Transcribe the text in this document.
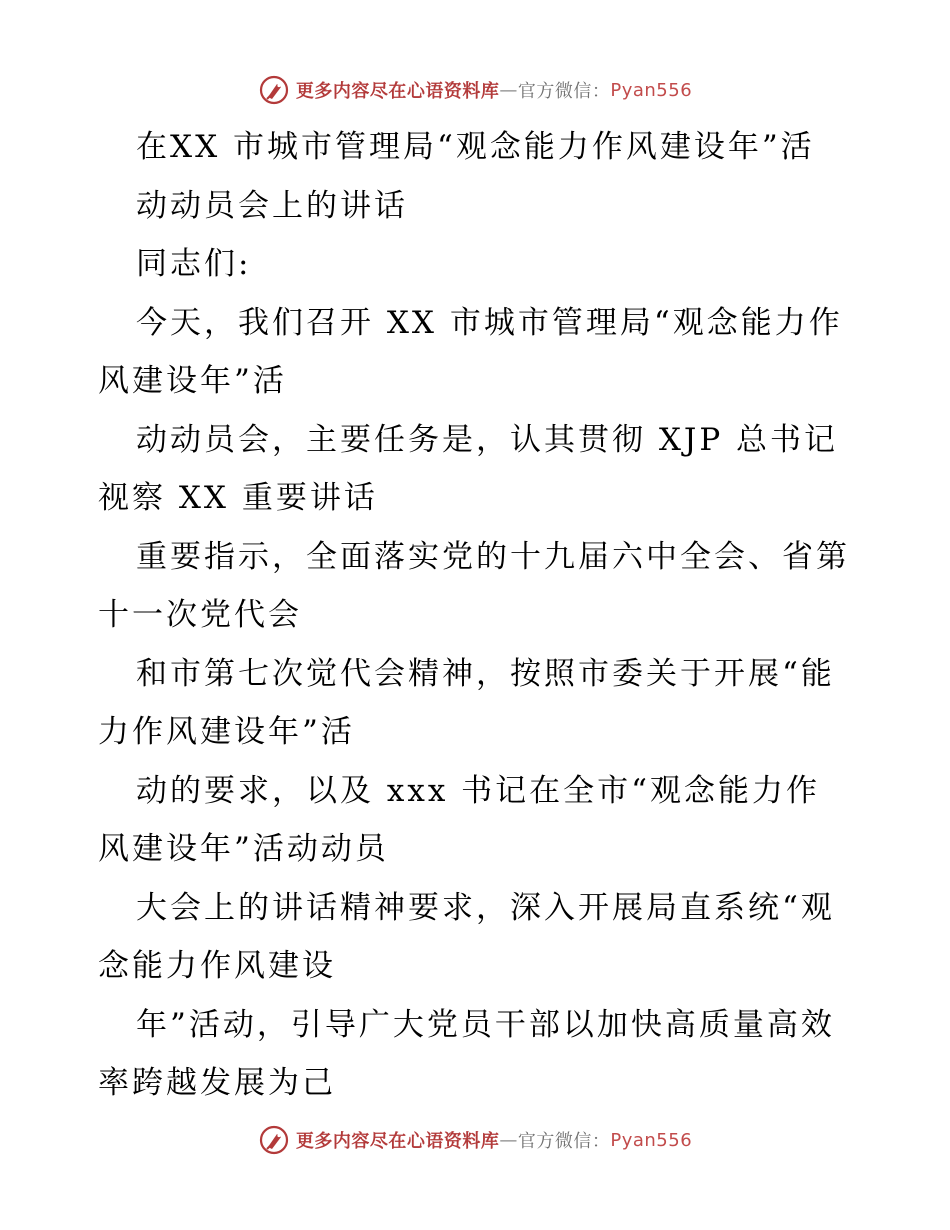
更多内容尽在心语资料库 — 官方微信： Pyan556

在XX 市城市管理局“观念能力作风建设年”活

动动员会上的讲话

同志们:

今天，我们召开 XX 市城市管理局“观念能力作

风建设年”活

动动员会，主要任务是，认其贯彻 XJP 总书记

视察 XX 重要讲话

重要指示，全面落实党的十九届六中全会、省第

十一次党代会

和市第七次觉代会精神，按照市委关于开展“能

力作风建设年”活

动的要求，以及 xxx 书记在全市“观念能力作

风建设年”活动动员

大会上的讲话精神要求，深入开展局直系统“观

念能力作风建设

年”活动，引导广大党员干部以加快高质量高效

率跨越发展为己

更多内容尽在心语资料库 — 官方微信： Pyan556
